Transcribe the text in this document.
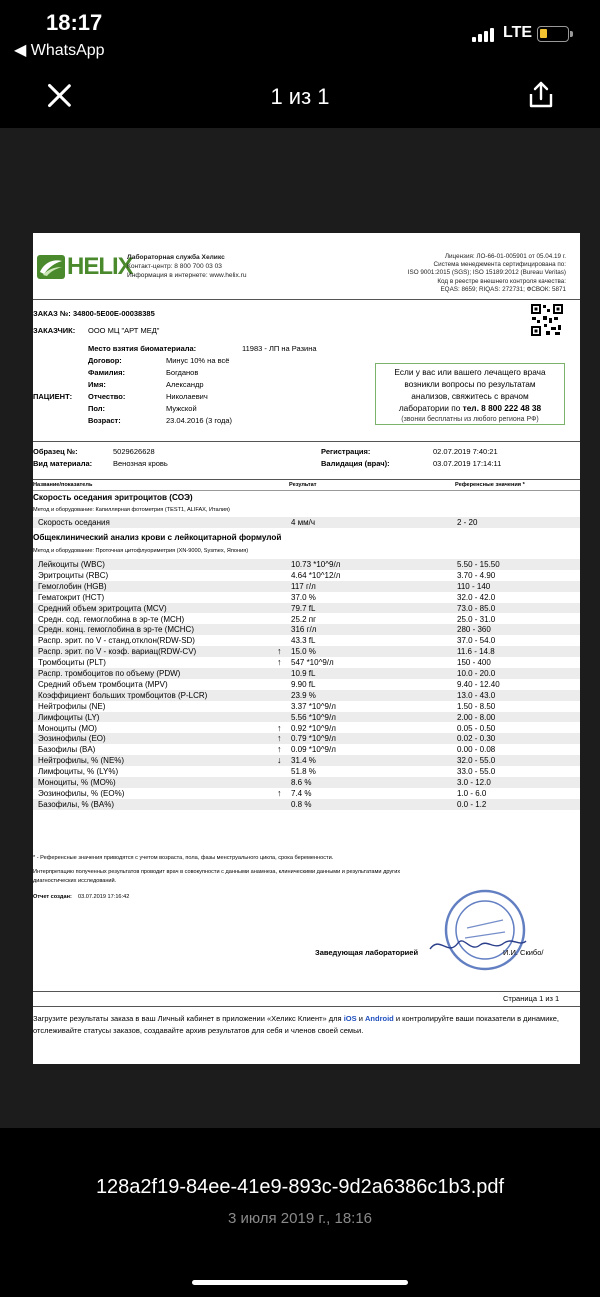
18:17
◀ WhatsApp
LTE
1 из 1
HELIX
Лабораторная служба Хеликс
Контакт-центр: 8 800 700 03 03
Информация в интернете: www.helix.ru
Лицензия: ЛО-66-01-005901 от 05.04.19 г.
Система менеджмента сертифицирована по:
ISO 9001:2015 (SGS); ISO 15189:2012 (Bureau Veritas)
Код в реестре внешнего контроля качества:
EQAS: 8659; RIQAS: 272731; ФСВОК: 5871
ЗАКАЗ №: 34800-5E00E-00038385
ЗАКАЗЧИК: ООО МЦ "АРТ МЕД"
Место взятия биоматериала:	11983 - ЛП на Разина
ПАЦИЕНТ:
Договор:	Минус 10% на всё
Фамилия:	Богданов
Имя:	Александр
Отчество:	Николаевич
Пол:	Мужской
Возраст:	23.04.2016 (3 года)
Если у вас или вашего лечащего врача
возникли вопросы по результатам
анализов, свяжитесь с врачом
лаборатории по тел. 8 800 222 48 38
(звонки бесплатны из любого региона РФ)
Образец №:	5029626628
Вид материала:	Венозная кровь
Регистрация:	02.07.2019 7:40:21
Валидация (врач):	03.07.2019 17:14:11
Название/показатель	Результат	Референсные значения *
Скорость оседания эритроцитов (СОЭ)
Метод и оборудование: Капиллярная фотометрия (TEST1, ALIFAX, Италия)
Скорость оседания	4 мм/ч	2 - 20
Общеклинический анализ крови с лейкоцитарной формулой
Метод и оборудование: Проточная цитофлуориметрия (XN-9000, Sysmex, Япония)
Лейкоциты (WBC)	10.73 *10^9/л	5.50 - 15.50
Эритроциты (RBC)	4.64 *10^12/л	3.70 - 4.90
Гемоглобин (HGB)	117 г/л	110 - 140
Гематокрит (HCT)	37.0 %	32.0 - 42.0
Средний объем эритроцита (MCV)	79.7 fL	73.0 - 85.0
Средн. сод. гемоглобина в эр-те (MCH)	25.2 пг	25.0 - 31.0
Средн. конц. гемоглобина в эр-те (MCHC)	316 г/л	280 - 360
Распр. эрит. по V - станд.отклон(RDW-SD)	43.3 fL	37.0 - 54.0
Распр. эрит. по V - коэф. вариац(RDW-CV)	↑ 15.0 %	11.6 - 14.8
Тромбоциты (PLT)	↑ 547 *10^9/л	150 - 400
Распр. тромбоцитов по объему (PDW)	10.9 fL	10.0 - 20.0
Средний объем тромбоцита (MPV)	9.90 fL	9.40 - 12.40
Коэффициент больших тромбоцитов (P-LCR)	23.9 %	13.0 - 43.0
Нейтрофилы (NE)	3.37 *10^9/л	1.50 - 8.50
Лимфоциты (LY)	5.56 *10^9/л	2.00 - 8.00
Моноциты (MO)	↑ 0.92 *10^9/л	0.05 - 0.50
Эозинофилы (EO)	↑ 0.79 *10^9/л	0.02 - 0.30
Базофилы (BA)	↑ 0.09 *10^9/л	0.00 - 0.08
Нейтрофилы, % (NE%)	↓ 31.4 %	32.0 - 55.0
Лимфоциты, % (LY%)	51.8 %	33.0 - 55.0
Моноциты, % (MO%)	8.6 %	3.0 - 12.0
Эозинофилы, % (EO%)	↑ 7.4 %	1.0 - 6.0
Базофилы, % (BA%)	0.8 %	0.0 - 1.2
* - Референсные значения приводятся с учетом возраста, пола, фазы менструального цикла, срока беременности.
Интерпретацию полученных результатов проводит врач в совокупности с данными анамнеза, клиническими данными и результатами других
диагностических исследований.
Отчет создан: 03.07.2019 17:16:42
Заведующая лабораторией	И.И. Скибо/
Страница 1 из 1
Загрузите результаты заказа в ваш Личный кабинет в приложении «Хеликс Клиент» для iOS и Android и контролируйте ваши показатели в динамике, отслеживайте статусы заказов, создавайте архив результатов для себя и членов своей семьи.
128a2f19-84ee-41e9-893c-9d2a6386c1b3.pdf
3 июля 2019 г., 18:16
